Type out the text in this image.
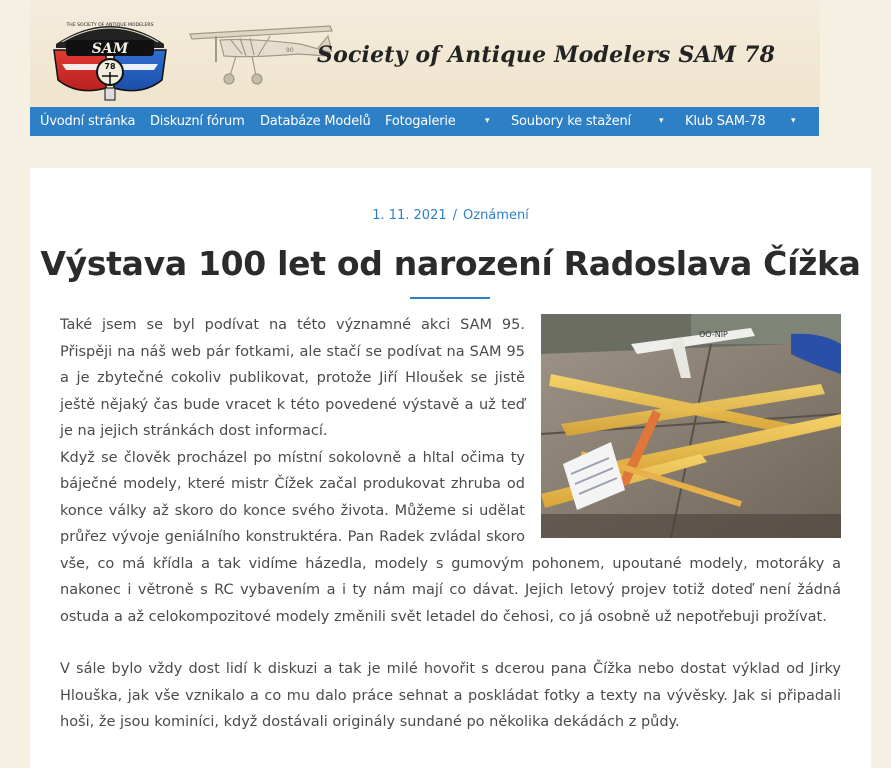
SAM
78
THE SOCIETY OF ANTIQUE MODELERS
90 Society of Antique Modelers SAM 78
Úvodní stránka Diskuzní fórum Databáze Modelů Fotogalerie	▾ Soubory ke stažení	▾ Klub SAM-78	▾
1. 11. 2021 / Oznámení
Výstava 100 let od narození Radoslava Čížka
OO-NIP

Také jsem se byl podívat na této významné akci SAM 95. Přispěji na náš web pár fotkami, ale stačí se podívat na SAM 95 a je zbytečné cokoliv publikovat, protože Jiří Hloušek se jistě ještě nějaký čas bude vracet k této povedené výstavě a už teď je na jejich stránkách dost informací.

Když se člověk procházel po místní sokolovně a hltal očima ty báječné modely, které mistr Čížek začal produkovat zhruba od konce války až skoro do konce svého života. Můžeme si udělat průřez vývoje geniálního konstruktéra. Pan Radek zvládal skoro vše, co má křídla a tak vidíme házedla, modely s gumovým pohonem, upoutané modely, motoráky a nakonec i větroně s RC vybavením a i ty nám mají co dávat. Jejich letový projev totiž doteď není žádná ostuda a až celokompozitové modely změnili svět letadel do čehosi, co já osobně už nepotřebuji prožívat.

V sále bylo vždy dost lidí k diskuzi a tak je milé hovořit s dcerou pana Čížka nebo dostat výklad od Jirky Hlouška, jak vše vznikalo a co mu dalo práce sehnat a poskládat fotky a texty na vývěsky. Jak si připadali hoši, že jsou kominíci, když dostávali originály sundané po několika dekádách z půdy.
